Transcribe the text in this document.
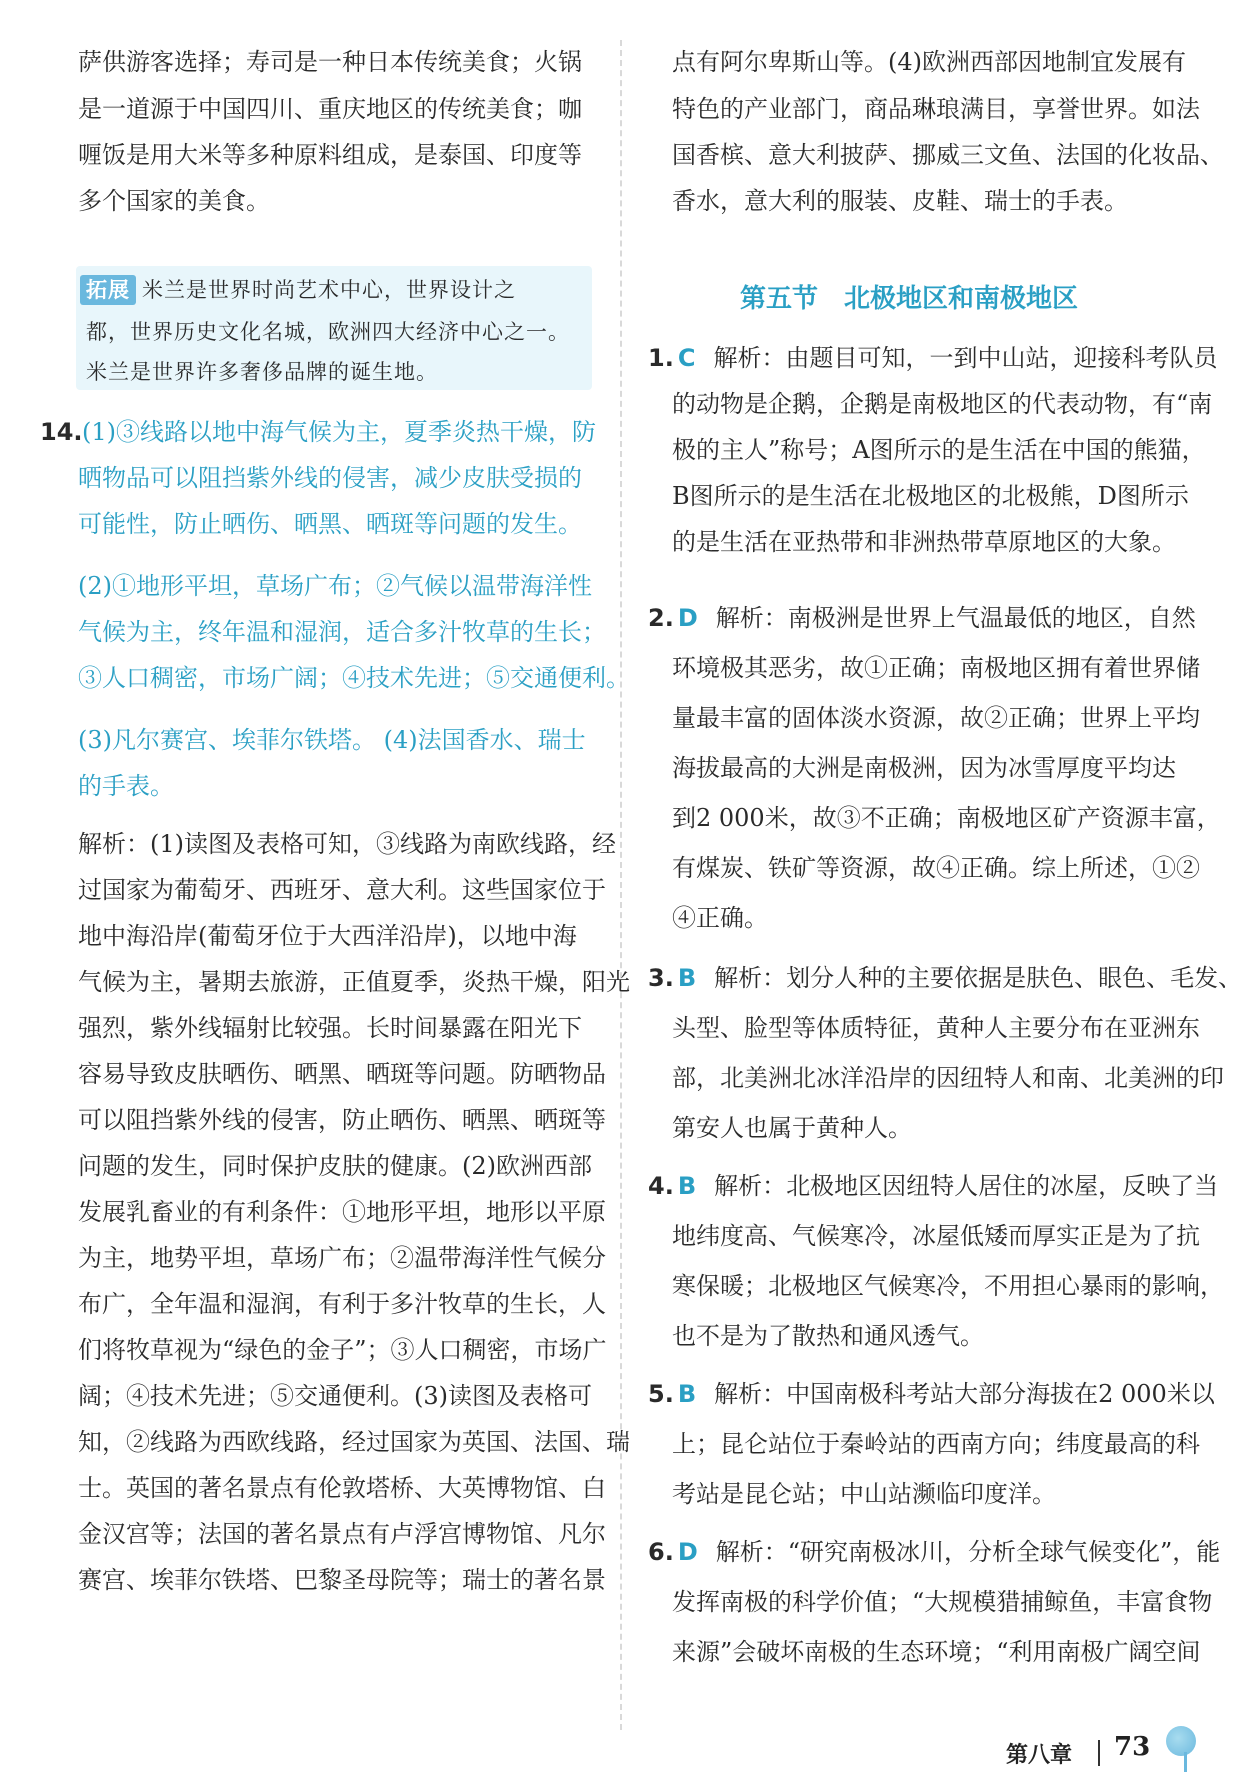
萨供游客选择；寿司是一种日本传统美食；火锅
是一道源于中国四川、重庆地区的传统美食；咖
喱饭是用大米等多种原料组成，是泰国、印度等
多个国家的美食。
拓展 米兰是世界时尚艺术中心，世界设计之
都，世界历史文化名城，欧洲四大经济中心之一。
米兰是世界许多奢侈品牌的诞生地。
14. (1)③线路以地中海气候为主，夏季炎热干燥，防
晒物品可以阻挡紫外线的侵害，减少皮肤受损的
可能性，防止晒伤、晒黑、晒斑等问题的发生。
(2)①地形平坦，草场广布；②气候以温带海洋性
气候为主，终年温和湿润，适合多汁牧草的生长；
③人口稠密，市场广阔；④技术先进；⑤交通便利。
(3)凡尔赛宫、埃菲尔铁塔。 (4)法国香水、瑞士
的手表。
解析：(1)读图及表格可知，③线路为南欧线路，经
过国家为葡萄牙、西班牙、意大利。这些国家位于
地中海沿岸(葡萄牙位于大西洋沿岸)，以地中海
气候为主，暑期去旅游，正值夏季，炎热干燥，阳光
强烈，紫外线辐射比较强。长时间暴露在阳光下
容易导致皮肤晒伤、晒黑、晒斑等问题。防晒物品
可以阻挡紫外线的侵害，防止晒伤、晒黑、晒斑等
问题的发生，同时保护皮肤的健康。(2)欧洲西部
发展乳畜业的有利条件：①地形平坦，地形以平原
为主，地势平坦，草场广布；②温带海洋性气候分
布广，全年温和湿润，有利于多汁牧草的生长，人
们将牧草视为“绿色的金子”；③人口稠密，市场广
阔；④技术先进；⑤交通便利。(3)读图及表格可
知，②线路为西欧线路，经过国家为英国、法国、瑞
士。英国的著名景点有伦敦塔桥、大英博物馆、白
金汉宫等；法国的著名景点有卢浮宫博物馆、凡尔
赛宫、埃菲尔铁塔、巴黎圣母院等；瑞士的著名景
点有阿尔卑斯山等。(4)欧洲西部因地制宜发展有
特色的产业部门，商品琳琅满目，享誉世界。如法
国香槟、意大利披萨、挪威三文鱼、法国的化妆品、
香水，意大利的服装、皮鞋、瑞士的手表。
1. C 解析：由题目可知，一到中山站，迎接科考队员
的动物是企鹅，企鹅是南极地区的代表动物，有“南
极的主人”称号；A图所示的是生活在中国的熊猫，
B图所示的是生活在北极地区的北极熊，D图所示
的是生活在亚热带和非洲热带草原地区的大象。
2. D 解析：南极洲是世界上气温最低的地区，自然
环境极其恶劣，故①正确；南极地区拥有着世界储
量最丰富的固体淡水资源，故②正确；世界上平均
海拔最高的大洲是南极洲，因为冰雪厚度平均达
到2 000米，故③不正确；南极地区矿产资源丰富，
有煤炭、铁矿等资源，故④正确。综上所述，①②
④正确。
3. B 解析：划分人种的主要依据是肤色、眼色、毛发、
头型、脸型等体质特征，黄种人主要分布在亚洲东
部，北美洲北冰洋沿岸的因纽特人和南、北美洲的印
第安人也属于黄种人。
4. B 解析：北极地区因纽特人居住的冰屋，反映了当
地纬度高、气候寒冷，冰屋低矮而厚实正是为了抗
寒保暖；北极地区气候寒冷，不用担心暴雨的影响，
也不是为了散热和通风透气。
5. B 解析：中国南极科考站大部分海拔在2 000米以
上；昆仑站位于秦岭站的西南方向；纬度最高的科
考站是昆仑站；中山站濒临印度洋。
6. D 解析：“研究南极冰川，分析全球气候变化”，能
发挥南极的科学价值；“大规模猎捕鲸鱼，丰富食物
来源”会破坏南极的生态环境；“利用南极广阔空间
第五节　北极地区和南极地区
第八章 73
